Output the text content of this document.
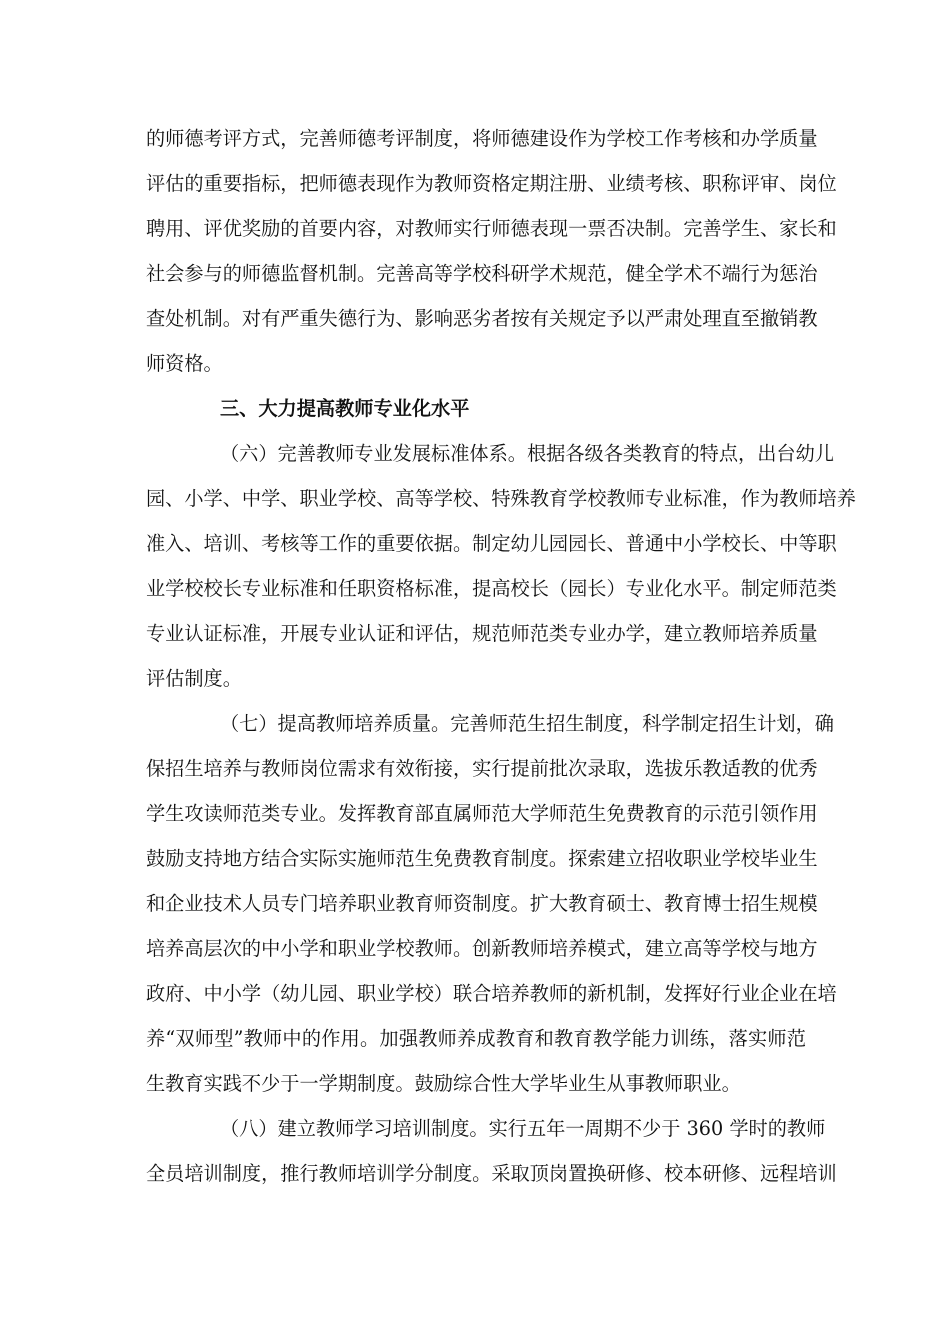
的师德考评方式，完善师德考评制度，将师德建设作为学校工作考核和办学质量
评估的重要指标，把师德表现作为教师资格定期注册、业绩考核、职称评审、岗位
聘用、评优奖励的首要内容，对教师实行师德表现一票否决制。完善学生、家长和
社会参与的师德监督机制。完善高等学校科研学术规范，健全学术不端行为惩治
查处机制。对有严重失德行为、影响恶劣者按有关规定予以严肃处理直至撤销教
师资格。
三、大力提高教师专业化水平
（六）完善教师专业发展标准体系。根据各级各类教育的特点，出台幼儿
园、小学、中学、职业学校、高等学校、特殊教育学校教师专业标准，作为教师培养
准入、培训、考核等工作的重要依据。制定幼儿园园长、普通中小学校长、中等职
业学校校长专业标准和任职资格标准，提高校长（园长）专业化水平。制定师范类
专业认证标准，开展专业认证和评估，规范师范类专业办学，建立教师培养质量
评估制度。
（七）提高教师培养质量。完善师范生招生制度，科学制定招生计划，确
保招生培养与教师岗位需求有效衔接，实行提前批次录取，选拔乐教适教的优秀
学生攻读师范类专业。发挥教育部直属师范大学师范生免费教育的示范引领作用
鼓励支持地方结合实际实施师范生免费教育制度。探索建立招收职业学校毕业生
和企业技术人员专门培养职业教育师资制度。扩大教育硕士、教育博士招生规模
培养高层次的中小学和职业学校教师。创新教师培养模式，建立高等学校与地方
政府、中小学（幼儿园、职业学校）联合培养教师的新机制，发挥好行业企业在培
养“双师型”教师中的作用。加强教师养成教育和教育教学能力训练，落实师范
生教育实践不少于一学期制度。鼓励综合性大学毕业生从事教师职业。
（八）建立教师学习培训制度。实行五年一周期不少于 360 学时的教师
全员培训制度，推行教师培训学分制度。采取顶岗置换研修、校本研修、远程培训
